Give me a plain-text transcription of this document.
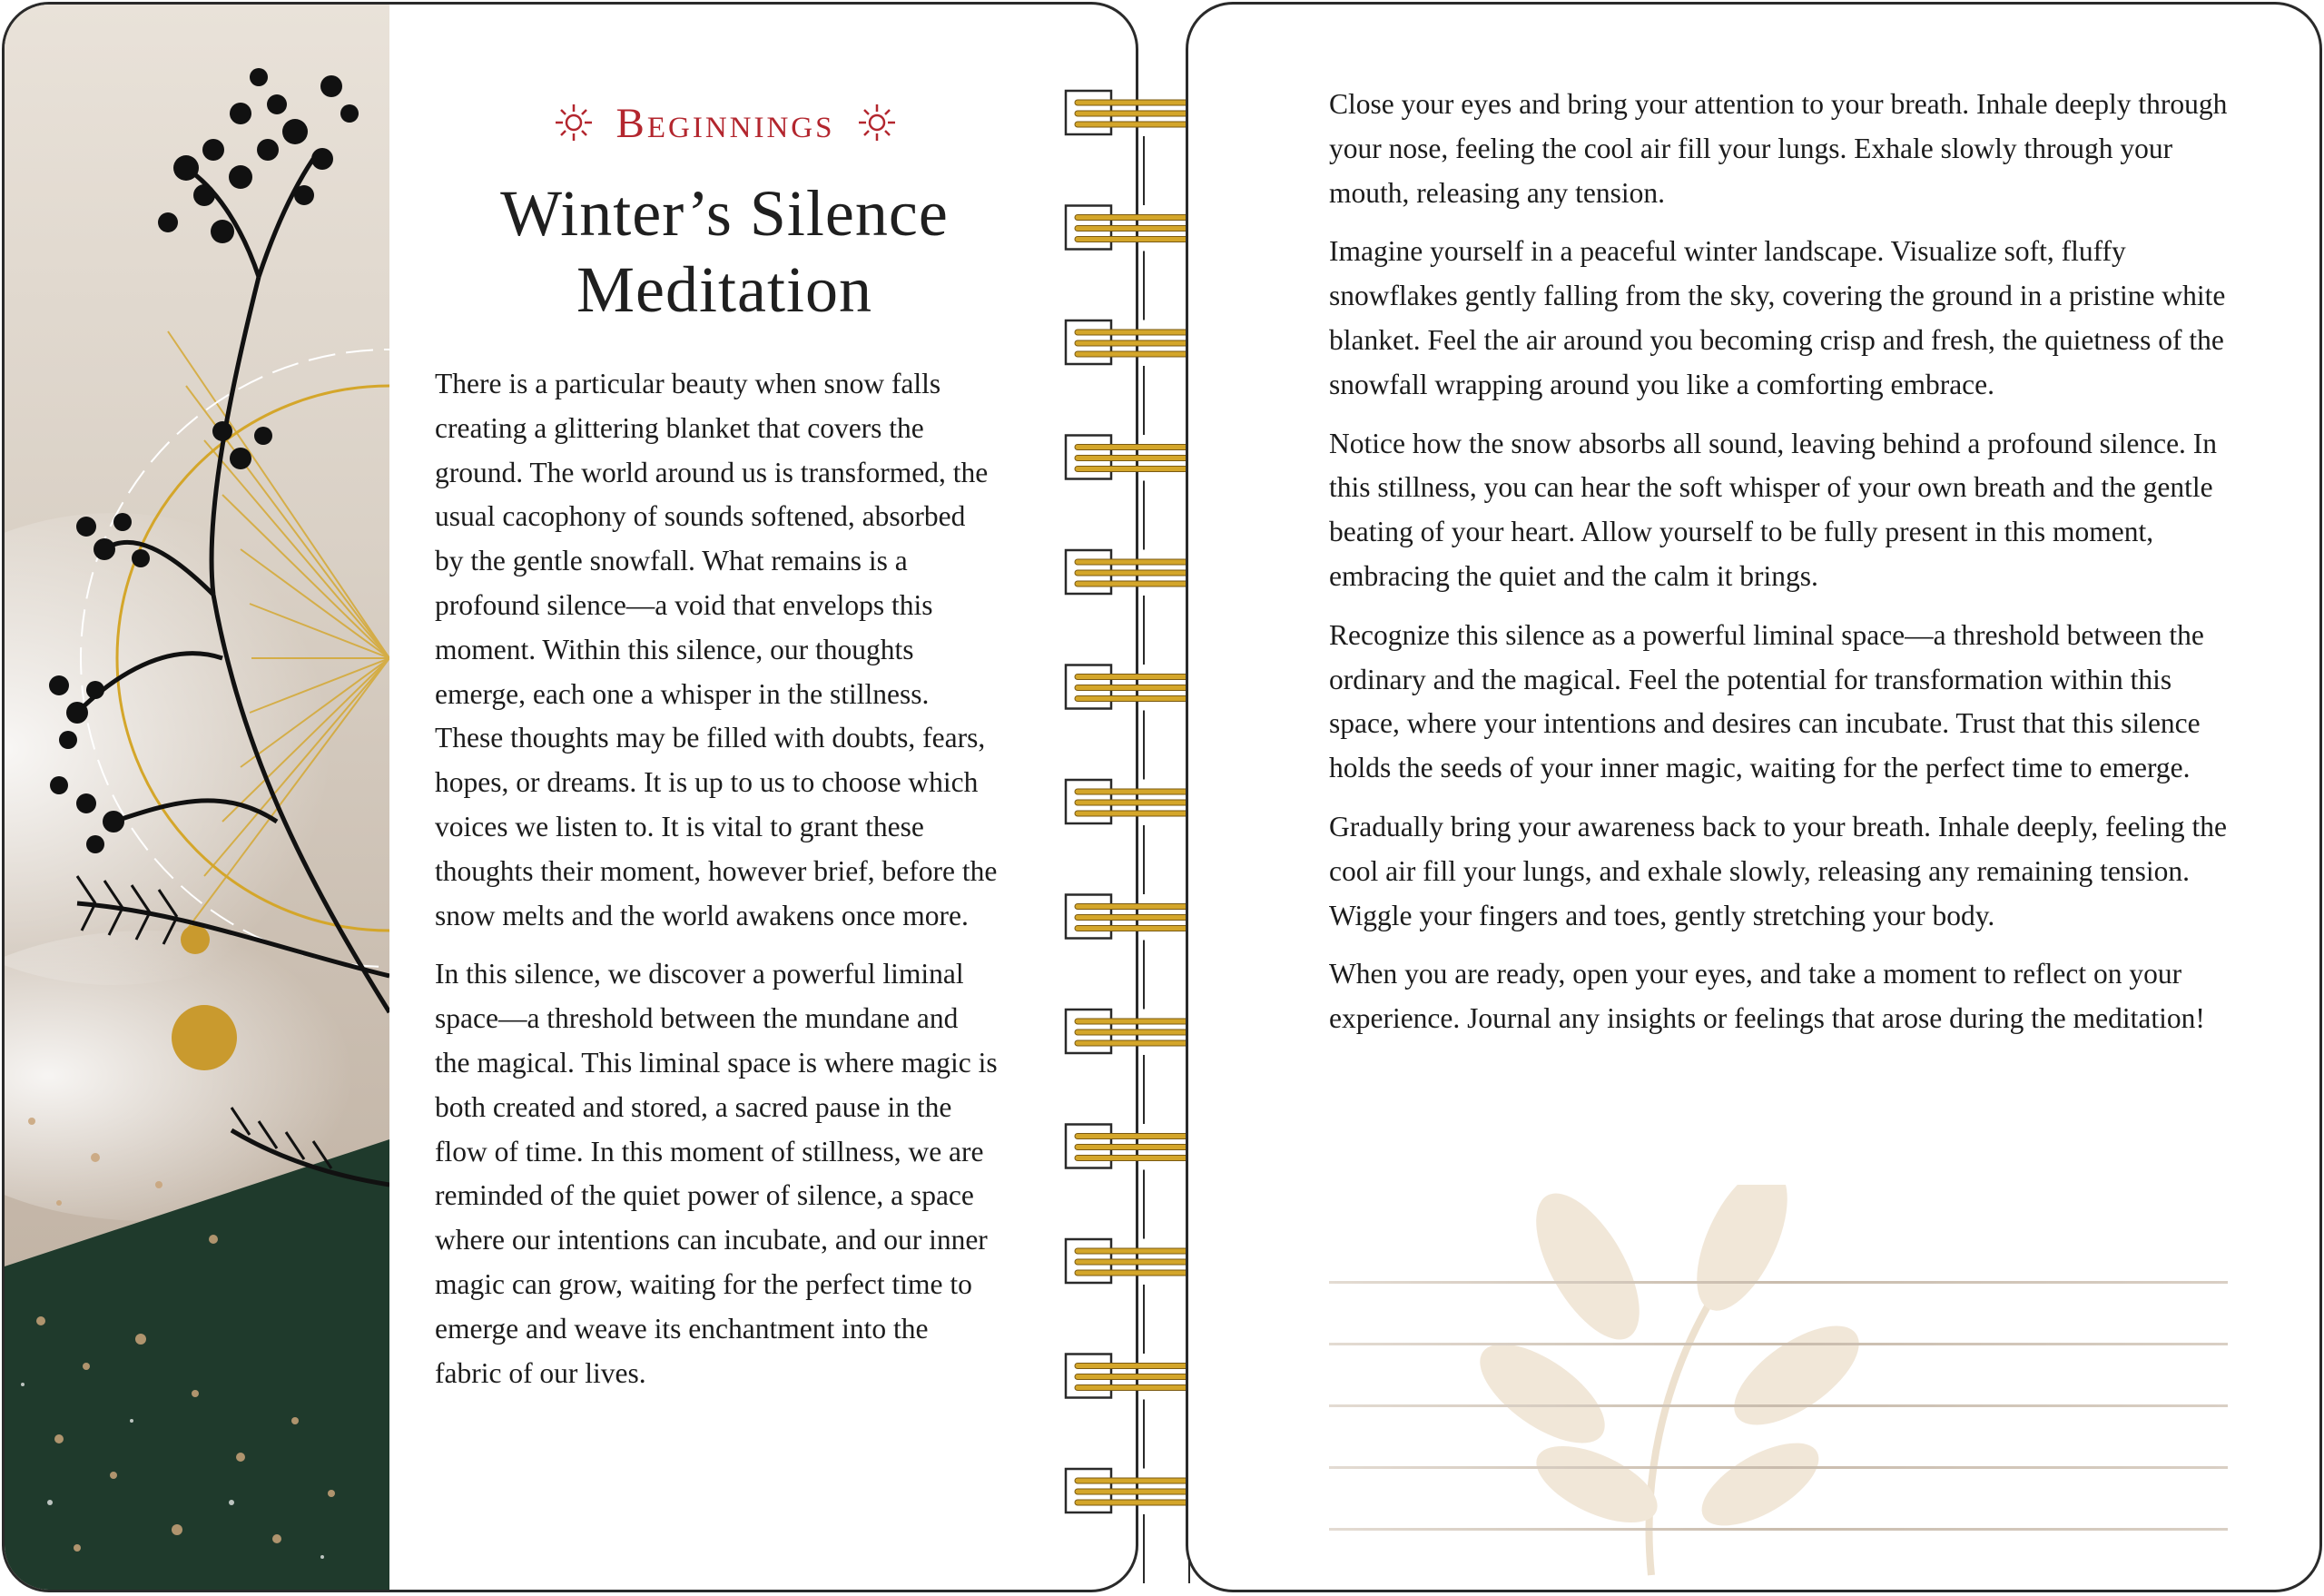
Beginnings
Winter’s Silence
Meditation

There is a particular beauty when snow falls creating a glittering blanket that covers the ground. The world around us is transformed, the usual cacophony of sounds softened, absorbed by the gentle snowfall. What remains is a profound silence—a void that envelops this moment. Within this silence, our thoughts emerge, each one a whisper in the stillness. These thoughts may be filled with doubts, fears, hopes, or dreams. It is up to us to choose which voices we listen to. It is vital to grant these thoughts their moment, however brief, before the snow melts and the world awakens once more.

In this silence, we discover a powerful liminal space—a threshold between the mundane and the magical. This liminal space is where magic is both created and stored, a sacred pause in the flow of time. In this moment of stillness, we are reminded of the quiet power of silence, a space where our intentions can incubate, and our inner magic can grow, waiting for the perfect time to emerge and weave its enchantment into the fabric of our lives.

Close your eyes and bring your attention to your breath. Inhale deeply through your nose, feeling the cool air fill your lungs. Exhale slowly through your mouth, releasing any tension.

Imagine yourself in a peaceful winter landscape. Visualize soft, fluffy snowflakes gently falling from the sky, covering the ground in a pristine white blanket. Feel the air around you becoming crisp and fresh, the quietness of the snowfall wrapping around you like a comforting embrace.

Notice how the snow absorbs all sound, leaving behind a profound silence. In this stillness, you can hear the soft whisper of your own breath and the gentle beating of your heart. Allow yourself to be fully present in this moment, embracing the quiet and the calm it brings.

Recognize this silence as a powerful liminal space—a threshold between the ordinary and the magical. Feel the potential for transformation within this space, where your intentions and desires can incubate. Trust that this silence holds the seeds of your inner magic, waiting for the perfect time to emerge.

Gradually bring your awareness back to your breath. Inhale deeply, feeling the cool air fill your lungs, and exhale slowly, releasing any remaining tension. Wiggle your fingers and toes, gently stretching your body.

When you are ready, open your eyes, and take a moment to reflect on your experience. Journal any insights or feelings that arose during the meditation!
